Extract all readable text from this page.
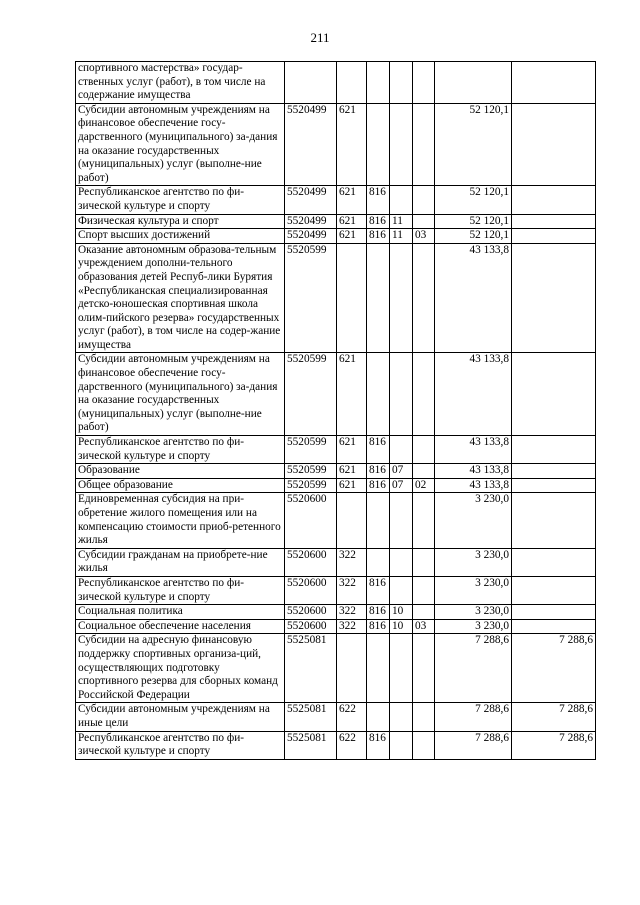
211
спортивного мастерства» государ-ственных услуг (работ), в том числе на содержание имущества							
Субсидии автономным учреждениям на финансовое обеспечение госу-дарственного (муниципального) за-дания на оказание государственных (муниципальных) услуг (выполне-ние работ)	5520499	621				52 120,1	
Республиканское агентство по фи-зической культуре и спорту	5520499	621	816			52 120,1	
Физическая культура и спорт	5520499	621	816	11		52 120,1	
Спорт высших достижений	5520499	621	816	11	03	52 120,1	
Оказание автономным образова-тельным учреждением дополни-тельного образования детей Респуб-лики Бурятия «Республиканская специализированная детско-юношеская спортивная школа олим-пийского резерва» государственных услуг (работ), в том числе на содер-жание имущества	5520599					43 133,8	
Субсидии автономным учреждениям на финансовое обеспечение госу-дарственного (муниципального) за-дания на оказание государственных (муниципальных) услуг (выполне-ние работ)	5520599	621				43 133,8	
Республиканское агентство по фи-зической культуре и спорту	5520599	621	816			43 133,8	
Образование	5520599	621	816	07		43 133,8	
Общее образование	5520599	621	816	07	02	43 133,8	
Единовременная субсидия на при-обретение жилого помещения или на компенсацию стоимости приоб-ретенного жилья	5520600					3 230,0	
Субсидии гражданам на приобрете-ние жилья	5520600	322				3 230,0	
Республиканское агентство по фи-зической культуре и спорту	5520600	322	816			3 230,0	
Социальная политика	5520600	322	816	10		3 230,0	
Социальное обеспечение населения	5520600	322	816	10	03	3 230,0	
Субсидии на адресную финансовую поддержку спортивных организа-ций, осуществляющих подготовку спортивного резерва для сборных команд Российской Федерации	5525081					7 288,6	7 288,6
Субсидии автономным учреждениям на иные цели	5525081	622				7 288,6	7 288,6
Республиканское агентство по фи-зической культуре и спорту	5525081	622	816			7 288,6	7 288,6
